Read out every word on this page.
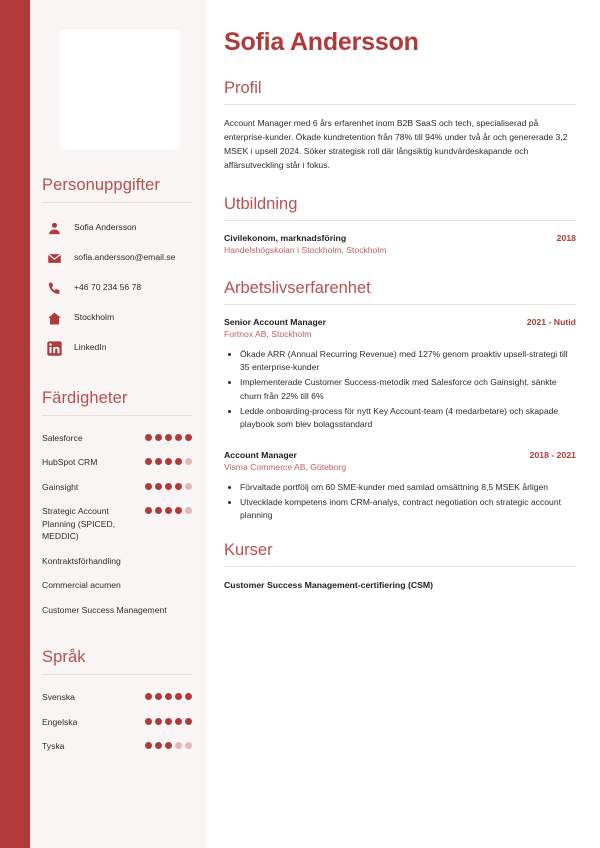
Personuppgifter
Sofia Andersson
sofia.andersson@email.se
+46 70 234 56 78
Stockholm
LinkedIn
Färdigheter
Salesforce
HubSpot CRM
Gainsight
Strategic Account Planning (SPICED, MEDDIC)
Kontraktsförhandling
Commercial acumen
Customer Success Management
Språk
Svenska
Engelska
Tyska
Sofia Andersson
Profil

Account Manager med 6 års erfarenhet inom B2B SaaS och tech, specialiserad på enterprise-kunder. Ökade kundretention från 78% till 94% under två år och genererade 3,2 MSEK i upsell 2024. Söker strategisk roll där långsiktig kundvärdeskapande och affärsutveckling står i fokus.

Utbildning
Civilekonom, marknadsföring	2018
Handelshögskolan i Stockholm, Stockholm
Arbetslivserfarenhet
Senior Account Manager	2021 - Nutid
Fortnox AB, Stockholm
• Ökade ARR (Annual Recurring Revenue) med 127% genom proaktiv upsell-strategi till 35 enterprise-kunder
• Implementerade Customer Success-metodik med Salesforce och Gainsight, sänkte churn från 22% till 6%
• Ledde onboarding-process för nytt Key Account-team (4 medarbetare) och skapade playbook som blev bolagsstandard
Account Manager	2018 - 2021
Visma Commerce AB, Göteborg
• Förvaltade portfölj om 60 SME-kunder med samlad omsättning 8,5 MSEK årligen
• Utvecklade kompetens inom CRM-analys, contract negotiation och strategic account planning
Kurser
Customer Success Management-certifiering (CSM)
